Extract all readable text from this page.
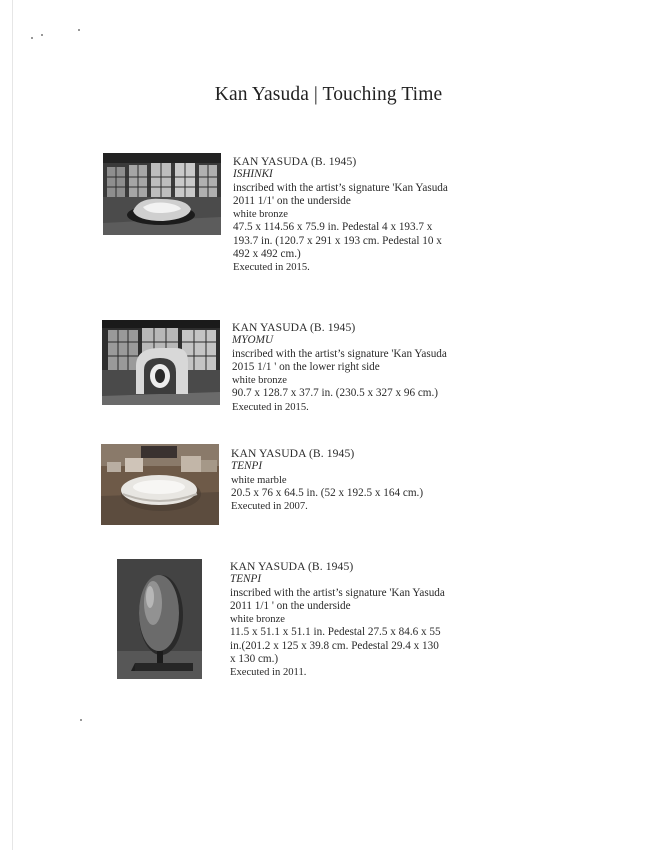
Kan Yasuda | Touching Time
KAN YASUDA (B. 1945)
ISHINKI
inscribed with the artist’s signature 'Kan Yasuda
2011 1/1' on the underside
white bronze
47.5 x 114.56 x 75.9 in. Pedestal 4 x 193.7 x
193.7 in. (120.7 x 291 x 193 cm. Pedestal 10 x
492 x 492 cm.)
Executed in 2015.
KAN YASUDA (B. 1945)
MYOMU
inscribed with the artist’s signature 'Kan Yasuda
2015 1/1 ' on the lower right side
white bronze
90.7 x 128.7 x 37.7 in. (230.5 x 327 x 96 cm.)
Executed in 2015.
KAN YASUDA (B. 1945)
TENPI
white marble
20.5 x 76 x 64.5 in. (52 x 192.5 x 164 cm.)
Executed in 2007.
KAN YASUDA (B. 1945)
TENPI
inscribed with the artist’s signature 'Kan Yasuda
2011 1/1 ' on the underside
white bronze
11.5 x 51.1 x 51.1 in. Pedestal 27.5 x 84.6 x 55
in.(201.2 x 125 x 39.8 cm. Pedestal 29.4 x 130
x 130 cm.)
Executed in 2011.
